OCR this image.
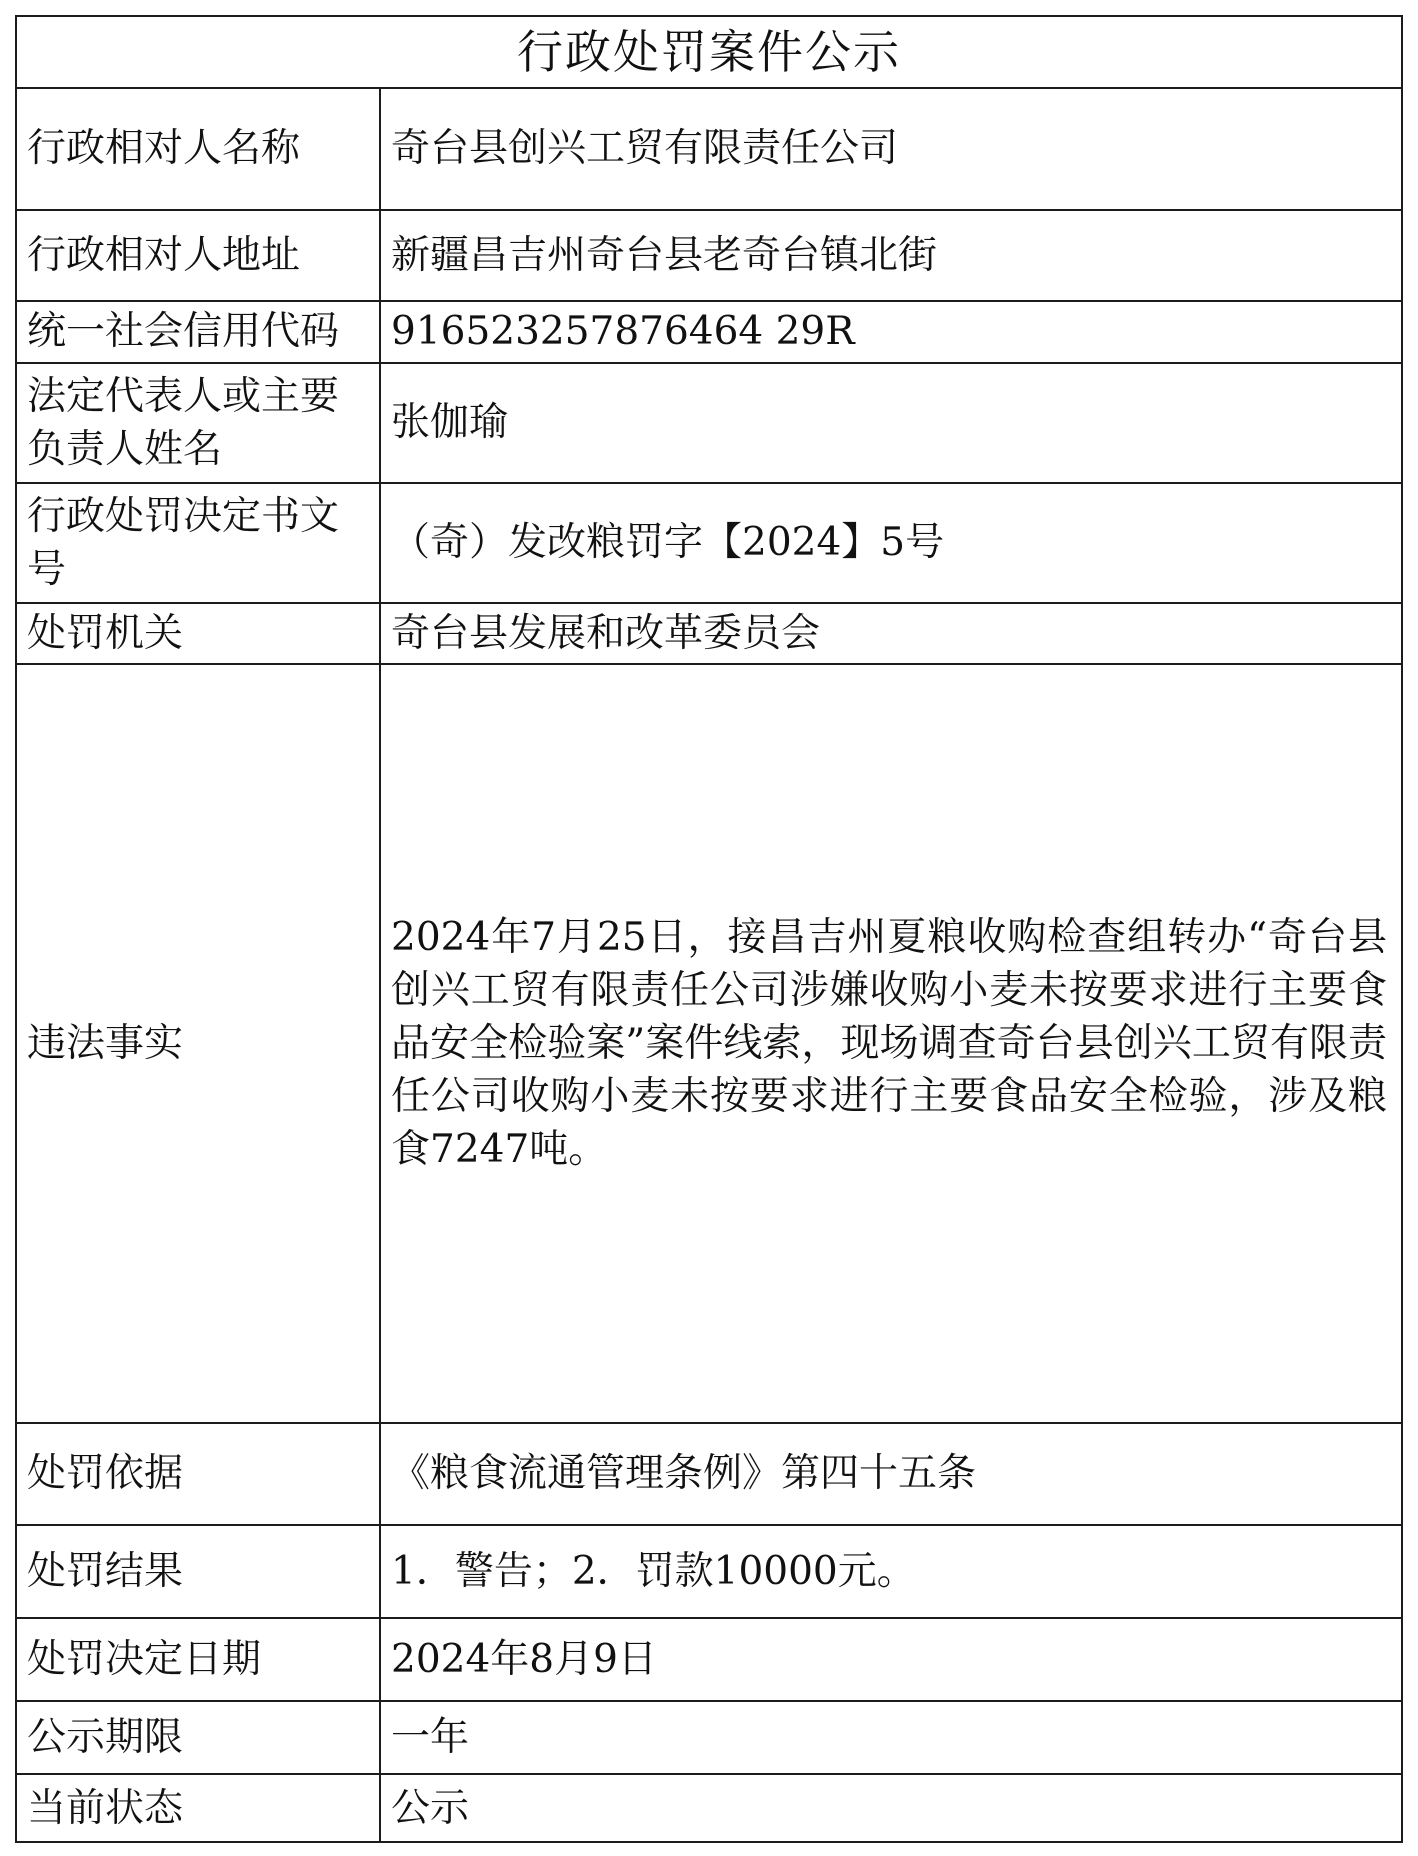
行政处罚案件公示	
行政相对人名称	奇台县创兴工贸有限责任公司
行政相对人地址	新疆昌吉州奇台县老奇台镇北街
统一社会信用代码	916523257876464 29R
法定代表人或主要负责人姓名	张伽瑜
行政处罚决定书文号	（奇）发改粮罚字【2024】5号
处罚机关	奇台县发展和改革委员会
违法事实	2024年7月25日，接昌吉州夏粮收购检查组转办“奇台县创兴工贸有限责任公司涉嫌收购小麦未按要求进行主要食品安全检验案”案件线索，现场调查奇台县创兴工贸有限责任公司收购小麦未按要求进行主要食品安全检验，涉及粮食7247吨。
处罚依据	《粮食流通管理条例》第四十五条
处罚结果	1．警告；2．罚款10000元。
处罚决定日期	2024年8月9日
公示期限	一年
当前状态	公示
